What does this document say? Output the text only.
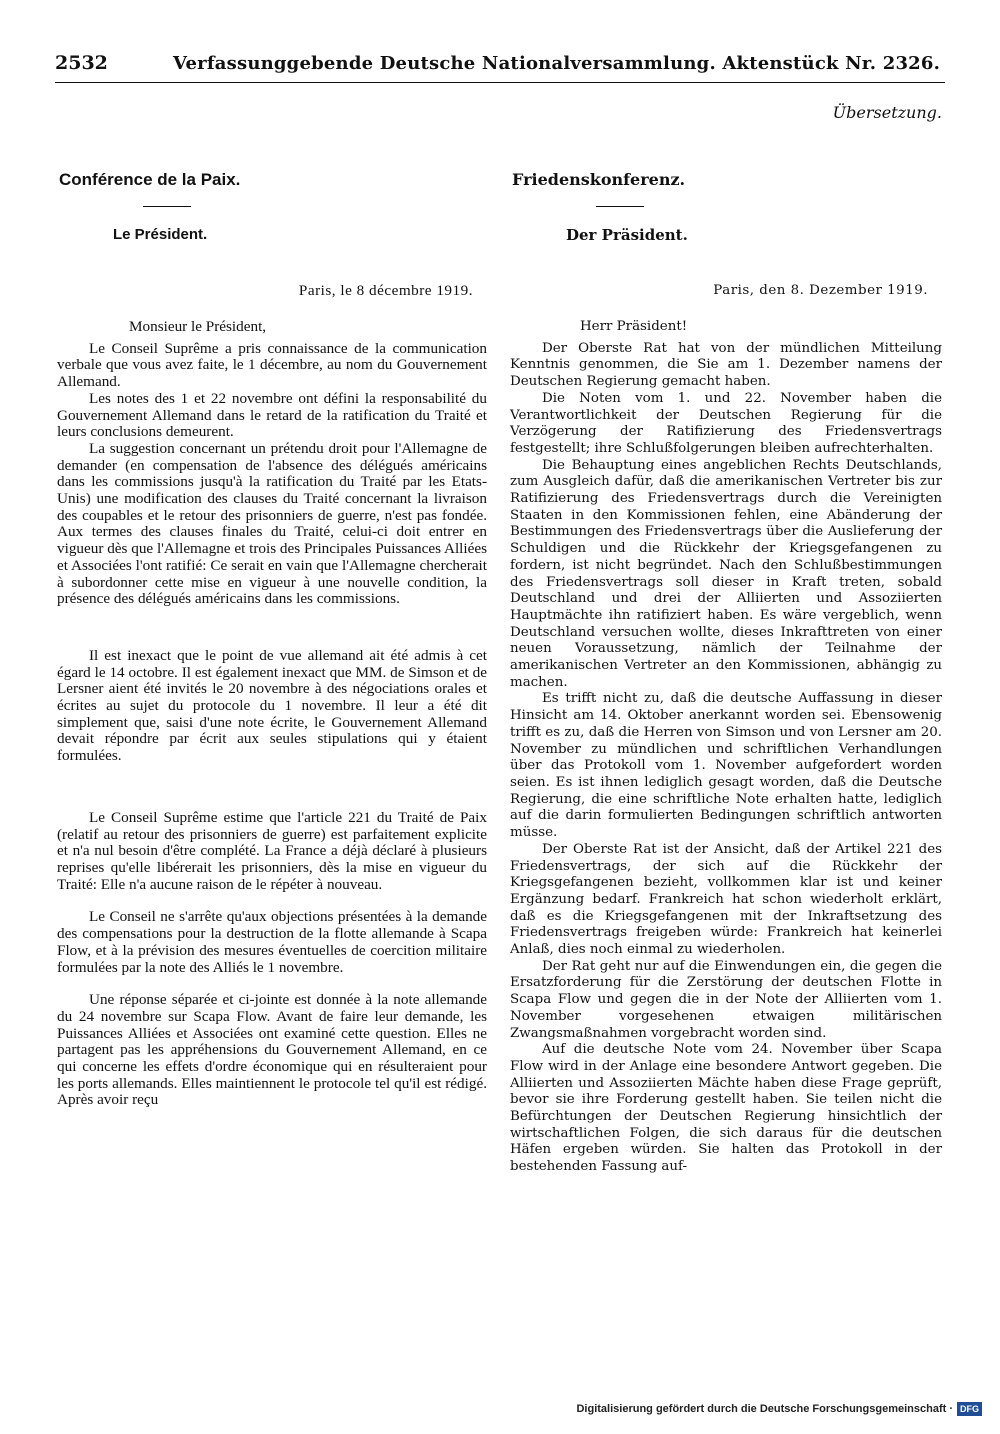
2532	Verfassunggebende Deutsche Nationalversammlung. Aktenstück Nr. 2326.
Übersetzung.
Conférence de la Paix.
Le Président.
Paris, le 8 décembre 1919.
Monsieur le Président,

Le Conseil Suprême a pris connaissance de la communication verbale que vous avez faite, le 1 décembre, au nom du Gouvernement Allemand.

Les notes des 1 et 22 novembre ont défini la responsabilité du Gouvernement Allemand dans le retard de la ratification du Traité et leurs conclusions demeurent.

La suggestion concernant un prétendu droit pour l'Allemagne de demander (en compensation de l'absence des délégués américains dans les commissions jusqu'à la ratification du Traité par les Etats-Unis) une modification des clauses du Traité concernant la livraison des coupables et le retour des prisonniers de guerre, n'est pas fondée. Aux termes des clauses finales du Traité, celui-ci doit entrer en vigueur dès que l'Allemagne et trois des Principales Puissances Alliées et Associées l'ont ratifié: Ce serait en vain que l'Allemagne chercherait à subordonner cette mise en vigueur à une nouvelle condition, la présence des délégués américains dans les commissions.

Il est inexact que le point de vue allemand ait été admis à cet égard le 14 octobre. Il est également inexact que MM. de Simson et de Lersner aient été invités le 20 novembre à des négociations orales et écrites au sujet du protocole du 1 novembre. Il leur a été dit simplement que, saisi d'une note écrite, le Gouvernement Allemand devait répondre par écrit aux seules stipulations qui y étaient formulées.

Le Conseil Suprême estime que l'article 221 du Traité de Paix (relatif au retour des prisonniers de guerre) est parfaitement explicite et n'a nul besoin d'être complété. La France a déjà déclaré à plusieurs reprises qu'elle libérerait les prisonniers, dès la mise en vigueur du Traité: Elle n'a aucune raison de le répéter à nouveau.

Le Conseil ne s'arrête qu'aux objections présentées à la demande des compensations pour la destruction de la flotte allemande à Scapa Flow, et à la prévision des mesures éventuelles de coercition militaire formulées par la note des Alliés le 1 novembre.

Une réponse séparée et ci-jointe est donnée à la note allemande du 24 novembre sur Scapa Flow. Avant de faire leur demande, les Puissances Alliées et Associées ont examiné cette question. Elles ne partagent pas les appréhensions du Gouvernement Allemand, en ce qui concerne les effets d'ordre économique qui en résulteraient pour les ports allemands. Elles maintiennent le protocole tel qu'il est rédigé. Après avoir reçu

Friedenskonferenz.
Der Präsident.
Paris, den 8. Dezember 1919.
Herr Präsident!

Der Oberste Rat hat von der mündlichen Mitteilung Kenntnis genommen, die Sie am 1. Dezember namens der Deutschen Regierung gemacht haben.

Die Noten vom 1. und 22. November haben die Verantwortlichkeit der Deutschen Regierung für die Verzögerung der Ratifizierung des Friedensvertrags festgestellt; ihre Schlußfolgerungen bleiben aufrechterhalten.

Die Behauptung eines angeblichen Rechts Deutschlands, zum Ausgleich dafür, daß die amerikanischen Vertreter bis zur Ratifizierung des Friedensvertrags durch die Vereinigten Staaten in den Kommissionen fehlen, eine Abänderung der Bestimmungen des Friedensvertrags über die Auslieferung der Schuldigen und die Rückkehr der Kriegsgefangenen zu fordern, ist nicht begründet. Nach den Schlußbestimmungen des Friedensvertrags soll dieser in Kraft treten, sobald Deutschland und drei der Alliierten und Assoziierten Hauptmächte ihn ratifiziert haben. Es wäre vergeblich, wenn Deutschland versuchen wollte, dieses Inkrafttreten von einer neuen Voraussetzung, nämlich der Teilnahme der amerikanischen Vertreter an den Kommissionen, abhängig zu machen.

Es trifft nicht zu, daß die deutsche Auffassung in dieser Hinsicht am 14. Oktober anerkannt worden sei. Ebensowenig trifft es zu, daß die Herren von Simson und von Lersner am 20. November zu mündlichen und schriftlichen Verhandlungen über das Protokoll vom 1. November aufgefordert worden seien. Es ist ihnen lediglich gesagt worden, daß die Deutsche Regierung, die eine schriftliche Note erhalten hatte, lediglich auf die darin formulierten Bedingungen schriftlich antworten müsse.

Der Oberste Rat ist der Ansicht, daß der Artikel 221 des Friedensvertrags, der sich auf die Rückkehr der Kriegsgefangenen bezieht, vollkommen klar ist und keiner Ergänzung bedarf. Frankreich hat schon wiederholt erklärt, daß es die Kriegsgefangenen mit der Inkraftsetzung des Friedensvertrags freigeben würde: Frankreich hat keinerlei Anlaß, dies noch einmal zu wiederholen.

Der Rat geht nur auf die Einwendungen ein, die gegen die Ersatzforderung für die Zerstörung der deutschen Flotte in Scapa Flow und gegen die in der Note der Alliierten vom 1. November vorgesehenen etwaigen militärischen Zwangsmaßnahmen vorgebracht worden sind.

Auf die deutsche Note vom 24. November über Scapa Flow wird in der Anlage eine besondere Antwort gegeben. Die Alliierten und Assoziierten Mächte haben diese Frage geprüft, bevor sie ihre Forderung gestellt haben. Sie teilen nicht die Befürchtungen der Deutschen Regierung hinsichtlich der wirtschaftlichen Folgen, die sich daraus für die deutschen Häfen ergeben würden. Sie halten das Protokoll in der bestehenden Fassung auf-

Digitalisierung gefördert durch die Deutsche Forschungsgemeinschaft · DFG
